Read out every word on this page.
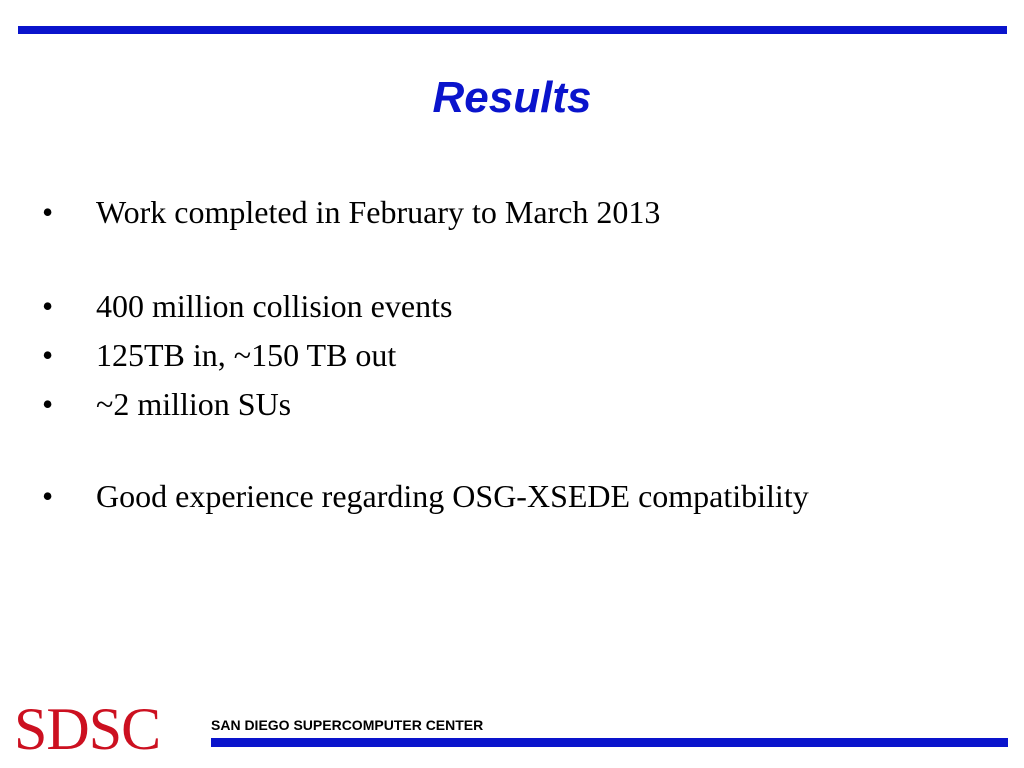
Results
• Work completed in February to March 2013
• 400 million collision events
• 125TB in, ~150 TB out
• ~2 million SUs
• Good experience regarding OSG-XSEDE compatibility
SDSC	SAN DIEGO SUPERCOMPUTER CENTER
